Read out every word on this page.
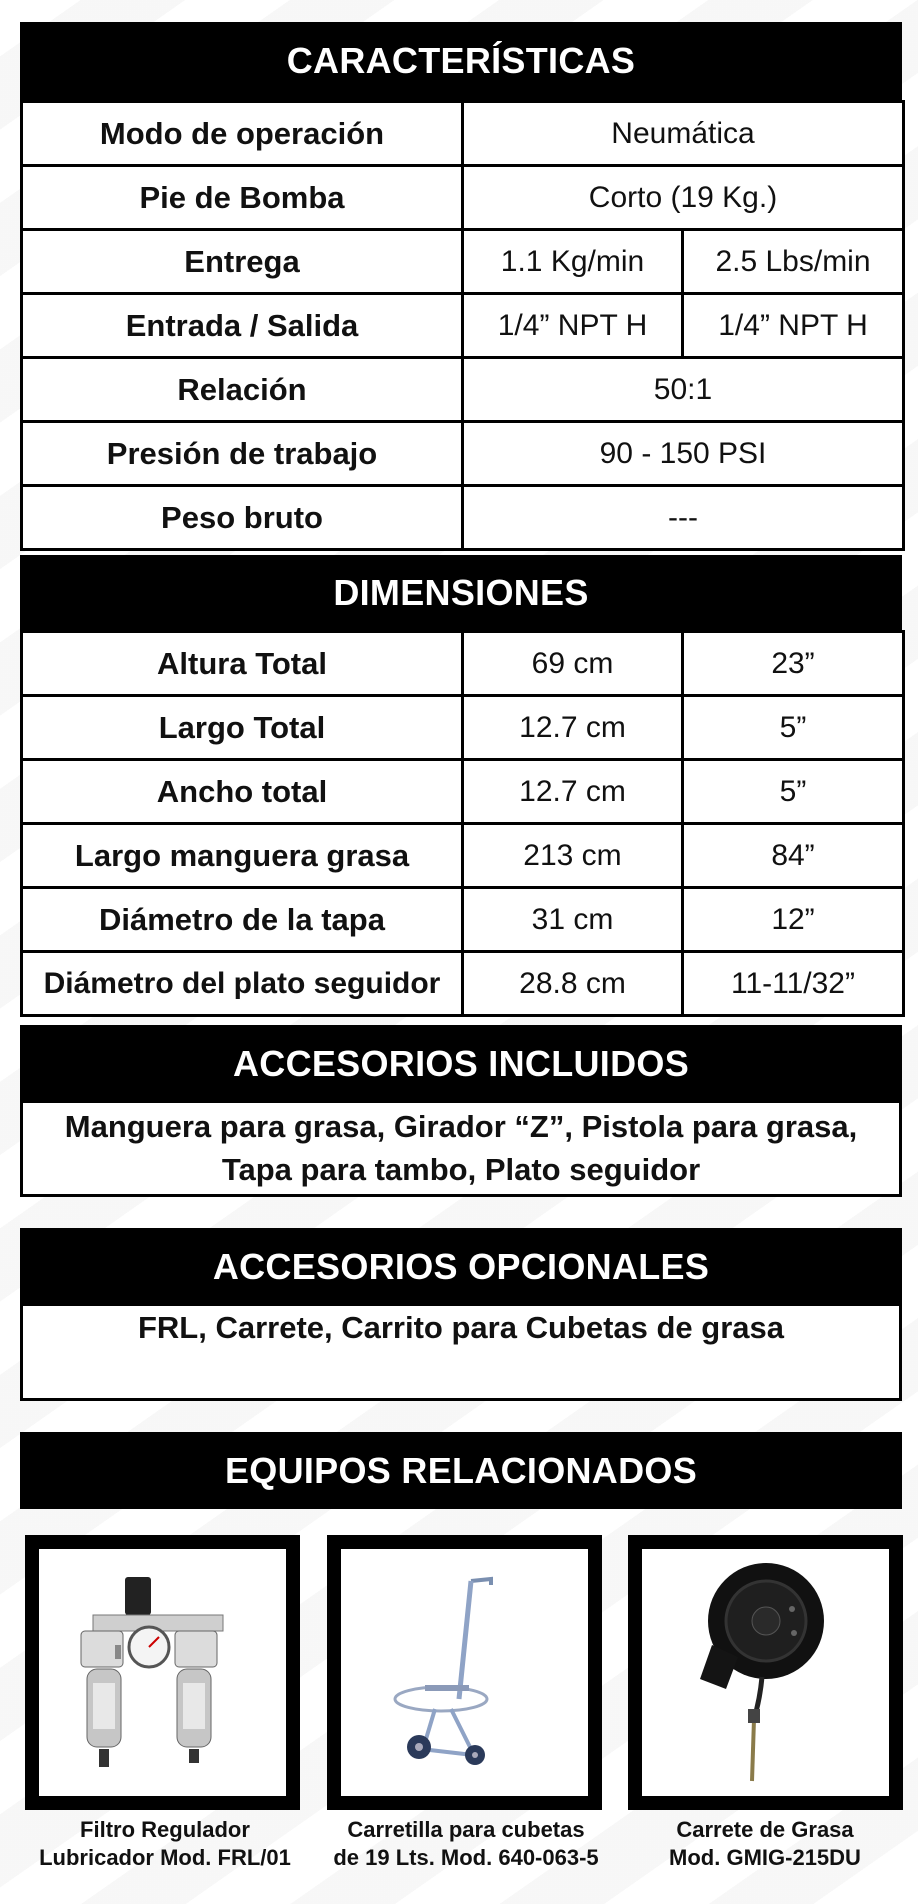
CARACTERÍSTICAS
Modo de operación	Neumática	
Pie de Bomba	Corto (19 Kg.)	
Entrega	1.1 Kg/min	2.5 Lbs/min
Entrada / Salida	1/4” NPT H	1/4” NPT H
Relación	50:1	
Presión de trabajo	90 - 150 PSI	
Peso bruto	---	
DIMENSIONES
Altura Total	69 cm	23”
Largo Total	12.7 cm	5”
Ancho total	12.7 cm	5”
Largo manguera grasa	213 cm	84”
Diámetro de la tapa	31 cm	12”
Diámetro del plato seguidor	28.8 cm	11-11/32”
ACCESORIOS INCLUIDOS
Manguera para grasa, Girador “Z”, Pistola para grasa,
Tapa para tambo, Plato seguidor
ACCESORIOS OPCIONALES
FRL, Carrete, Carrito para Cubetas de grasa
EQUIPOS RELACIONADOS
Filtro Regulador
Lubricador Mod. FRL/01
Carretilla para cubetas
de 19 Lts. Mod. 640-063-5
Carrete de Grasa
Mod. GMIG-215DU
